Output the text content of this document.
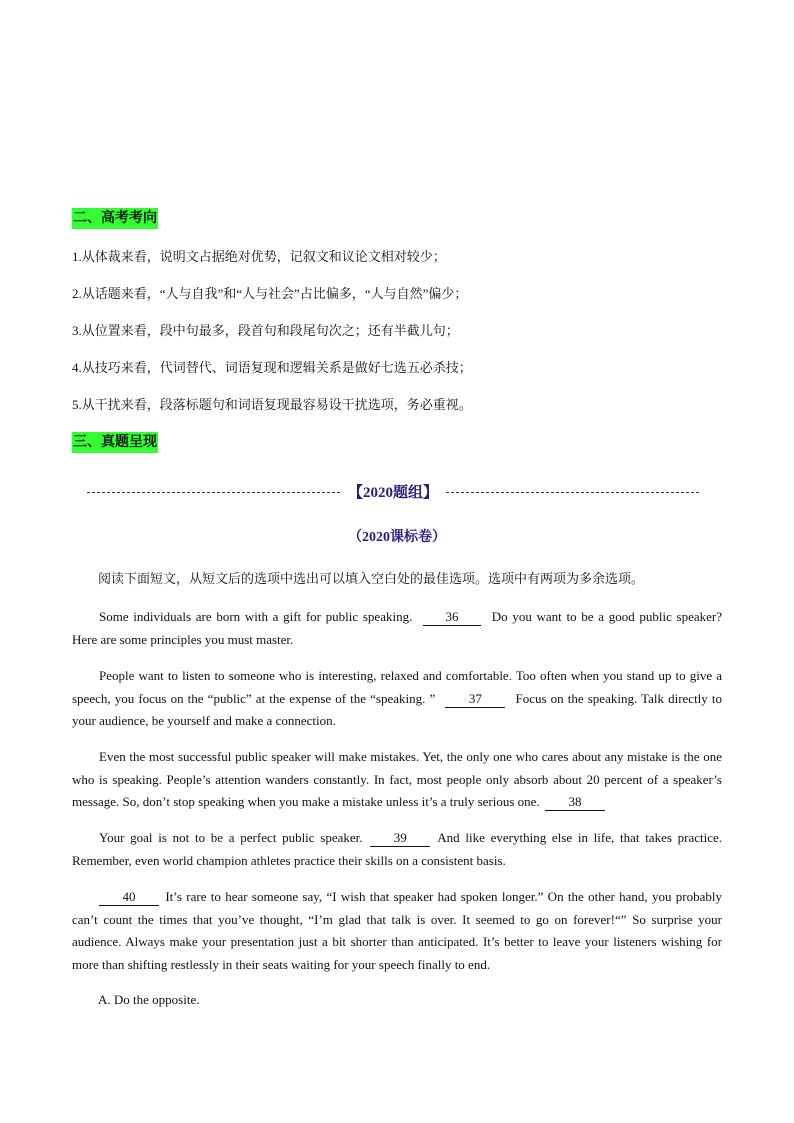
二、高考考向
1.从体裁来看，说明文占据绝对优势，记叙文和议论文相对较少；
2.从话题来看，“人与自我”和“人与社会”占比偏多，“人与自然”偏少；
3.从位置来看，段中句最多，段首句和段尾句次之；还有半截儿句；
4.从技巧来看，代词替代、词语复现和逻辑关系是做好七选五必杀技；
5.从干扰来看，段落标题句和词语复现最容易设干扰选项，务必重视。
三、真题呈现
【2020题组】
（2020课标卷）
阅读下面短文，从短文后的选项中选出可以填入空白处的最佳选项。选项中有两项为多余选项。

Some individuals are born with a gift for public speaking.	36	Do you want to be a good public speaker? Here are some principles you must master.

People want to listen to someone who is interesting, relaxed and comfortable. Too often when you stand up to give a speech, you focus on the “public” at the expense of the “speaking. ”	37	Focus on the speaking. Talk directly to your audience, be yourself and make a connection.

Even the most successful public speaker will make mistakes. Yet, the only one who cares about any mistake is the one who is speaking. People’s attention wanders constantly. In fact, most people only absorb about 20 percent of a speaker’s message. So, don’t stop speaking when you make a mistake unless it’s a truly serious one. 38

Your goal is not to be a perfect public speaker. 39 And like everything else in life, that takes practice. Remember, even world champion athletes practice their skills on a consistent basis.

40 It’s rare to hear someone say, “I wish that speaker had spoken longer.” On the other hand, you probably can’t count the times that you’ve thought, “I’m glad that talk is over. It seemed to go on forever!“” So surprise your audience. Always make your presentation just a bit shorter than anticipated. It’s better to leave your listeners wishing for more than shifting restlessly in their seats waiting for your speech finally to end.

A. Do the opposite.
